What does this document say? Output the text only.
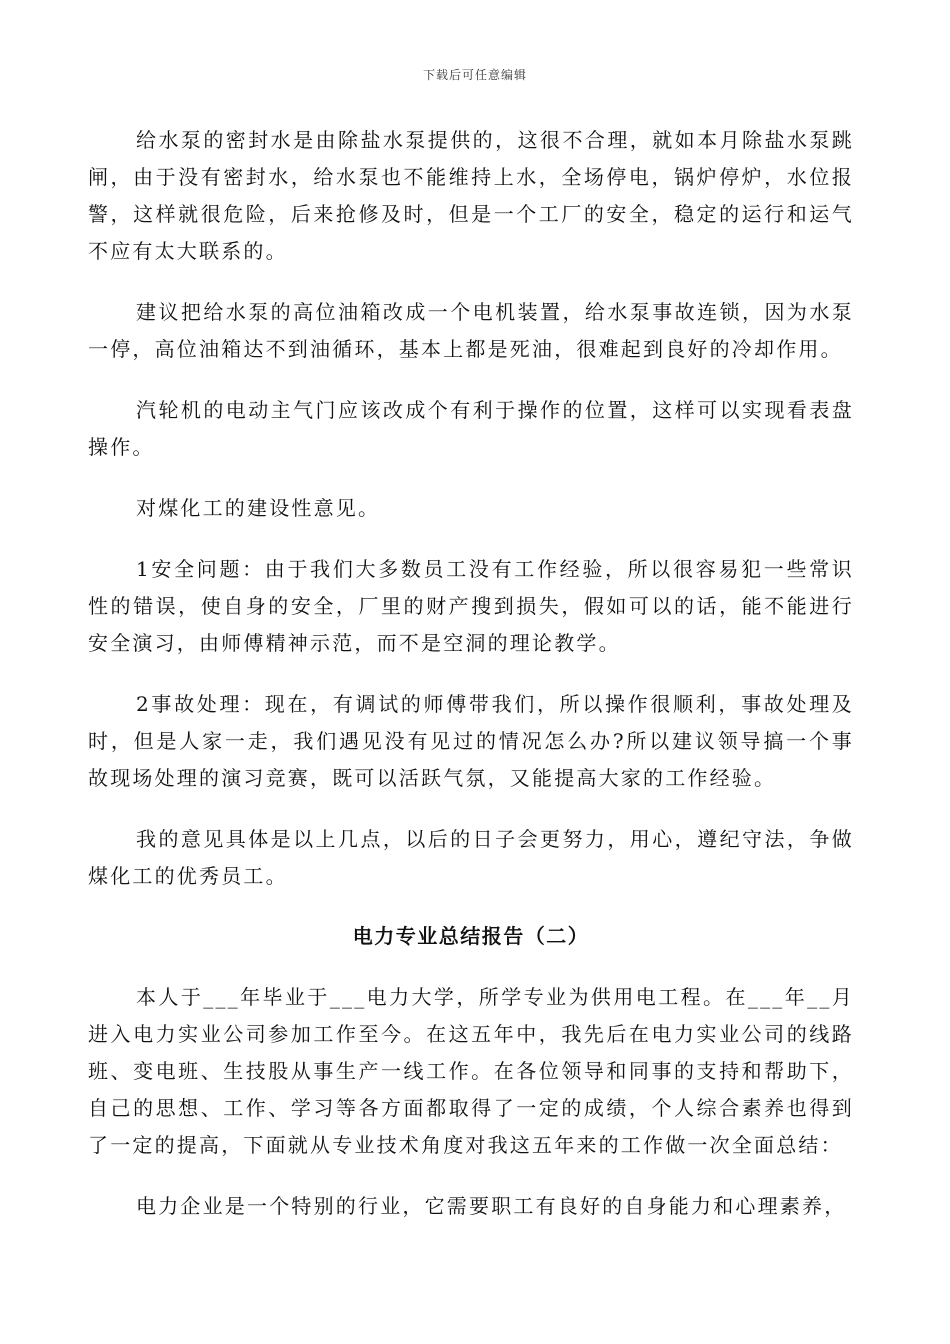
下载后可任意编辑

给水泵的密封水是由除盐水泵提供的，这很不合理，就如本月除盐水泵跳闸，由于没有密封水，给水泵也不能维持上水，全场停电，锅炉停炉，水位报警，这样就很危险，后来抢修及时，但是一个工厂的安全，稳定的运行和运气不应有太大联系的。

建议把给水泵的高位油箱改成一个电机装置，给水泵事故连锁，因为水泵一停，高位油箱达不到油循环，基本上都是死油，很难起到良好的冷却作用。

汽轮机的电动主气门应该改成个有利于操作的位置，这样可以实现看表盘操作。

对煤化工的建设性意见。

1安全问题：由于我们大多数员工没有工作经验，所以很容易犯一些常识性的错误，使自身的安全，厂里的财产搜到损失，假如可以的话，能不能进行安全演习，由师傅精神示范，而不是空洞的理论教学。

2事故处理：现在，有调试的师傅带我们，所以操作很顺利，事故处理及时，但是人家一走，我们遇见没有见过的情况怎么办?所以建议领导搞一个事故现场处理的演习竞赛，既可以活跃气氛，又能提高大家的工作经验。

我的意见具体是以上几点，以后的日子会更努力，用心，遵纪守法，争做煤化工的优秀员工。

电力专业总结报告（二）

本人于___年毕业于___电力大学，所学专业为供用电工程。在___年__月进入电力实业公司参加工作至今。在这五年中，我先后在电力实业公司的线路班、变电班、生技股从事生产一线工作。在各位领导和同事的支持和帮助下，自己的思想、工作、学习等各方面都取得了一定的成绩，个人综合素养也得到了一定的提高，下面就从专业技术角度对我这五年来的工作做一次全面总结：

电力企业是一个特别的行业，它需要职工有良好的自身能力和心理素养，
